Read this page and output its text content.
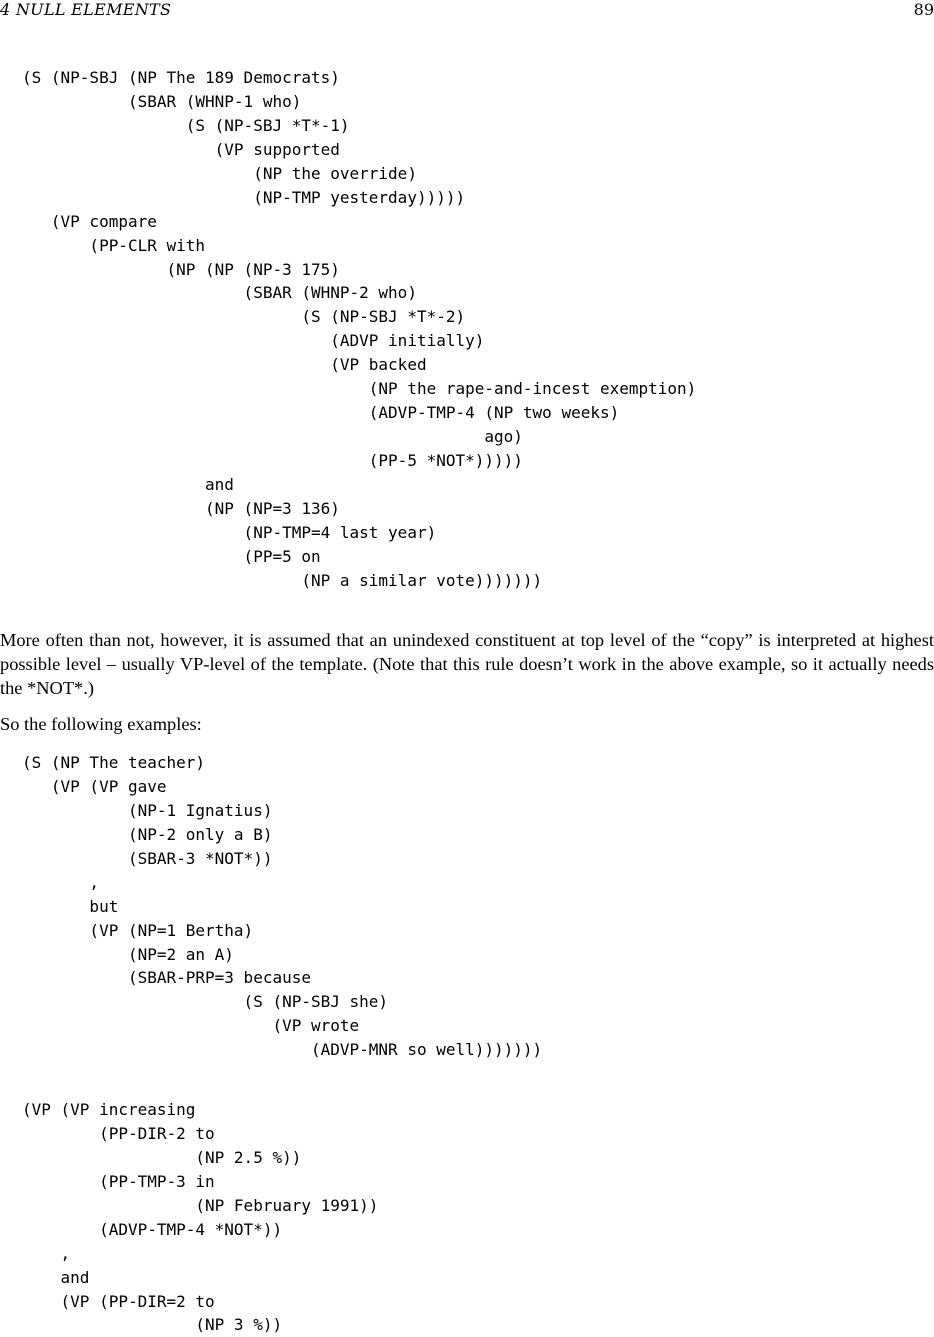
4 NULL ELEMENTS	89
(S (NP-SBJ (NP The 189 Democrats)
(SBAR (WHNP-1 who)
(S (NP-SBJ *T*-1)
(VP supported
(NP the override)
(NP-TMP yesterday)))))
(VP compare
(PP-CLR with
(NP (NP (NP-3 175)
(SBAR (WHNP-2 who)
(S (NP-SBJ *T*-2)
(ADVP initially)
(VP backed
(NP the rape-and-incest exemption)
(ADVP-TMP-4 (NP two weeks)
ago)
(PP-5 *NOT*)))))
and
(NP (NP=3 136)
(NP-TMP=4 last year)
(PP=5 on
(NP a similar vote)))))))

More often than not, however, it is assumed that an unindexed constituent at top level of the “copy” is interpreted at highest possible level – usually VP-level of the template. (Note that this rule doesn’t work in the above example, so it actually needs the *NOT*.)

So the following examples:

(S (NP The teacher)
(VP (VP gave
(NP-1 Ignatius)
(NP-2 only a B)
(SBAR-3 *NOT*))
,
but
(VP (NP=1 Bertha)
(NP=2 an A)
(SBAR-PRP=3 because
(S (NP-SBJ she)
(VP wrote
(ADVP-MNR so well)))))))
(VP (VP increasing
(PP-DIR-2 to
(NP 2.5 %))
(PP-TMP-3 in
(NP February 1991))
(ADVP-TMP-4 *NOT*))
,
and
(VP (PP-DIR=2 to
(NP 3 %))
